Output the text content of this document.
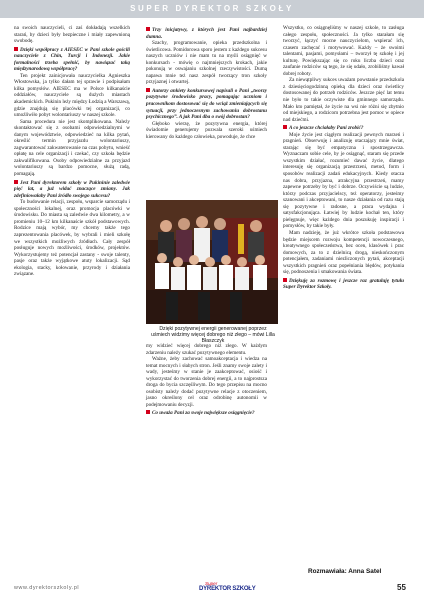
SUPER DYREKTOR SZKOŁY

na swoich nauczycieli, ci zaś dokładają wszelkich starań, by dzieci były bezpieczne i miały zapewnioną swobodę.

Dzięki współpracy z AIESEC w Pani szkole gościli nauczyciele z Chin, Turcji i Indonezji. Jakie formalności trzeba spełnić, by nawiązać taką międzynarodową współpracę?

Ten projekt zainicjowała nauczycielka Agnieszka Włostowska, ja tylko dałam tej sprawie i podpisałam kilka pomysłów. AIESEC ma w Polsce kilkanaście oddziałów, nauczyciele są dużych miastach akademickich. Pukinin leży między Łodzią a Warszawą, gdzie znajdują się placówki tej organizacji, co umożliwiło pobyt wolontariuszy w naszej szkole.

Sama procedura nie jest skomplikowana. Należy skontaktować się z osobami odpowiedzialnymi w danym województwie, odpowiedzieć na kilka pytań, określić termin przyjazdu wolontariuszy, zagwarantować zakwaterowanie na czas pobytu, wnieść opłatę na cele organizacji i czekać, czy szkoła będzie zakwalifikowana. Osoby odpowiedzialne za przyjazd wolontariuszy są bardzo pomocne, służą radą, pomagają.

Jest Pani dyrektorem szkoły w Pukininie zaledwie pięć lat, a już widać znaczące zmiany. Jak zdefiniowałaby Pani źródło swojego sukcesu?

To budowanie relacji, zespołu, wsparcie samorządu i społeczności lokalnej, oraz promocja placówki w środowisku. Do miasta są zaledwie dwa kilometry, a w promieniu 10–12 km kilkanaście szkół podstawowych. Rodzice mają wybór, my chcemy także tego zaprezentowania placówek, by wybrali i mieli szkołę we wszystkich możliwych źródłach. Cały zespół posługuje nowych możliwości, środków, projektów. Wykorzystujemy też potencjał zastany - swoje talenty, pasje oraz także wyjątkowe atuty lokalizacji. Sąd ekologia, stacky, kołowanie, przyrody i działania związane.

Trzy inicjatywy, z których jest Pani najbardziej dumna.

Szachy, programowanie, opieka przedszkolna i świetlicowa. Pomidorowa sporo jestem z każdego sukcesu naszych uczniów i nie mam tu na myśli osiągnięć w konkursach - mówię o najmniejszych krokach, jakie pokonują w oswajaniu szkolnej rzeczywistości. Dumą napawa mnie też nasz zespół tworzący tron szkoły przyjaznej i otwartej.

Autorzy ankiety konkursowej napisali o Pani „tworzy pozytywne środowisko pracy, pomagając uczniom i pracownikom dostosować się do wciąż zmieniających się sytuacji, przy jednoczesnym zachowaniu dobrostanu psychicznego”. A jak Pani dba o swój dobrostan?

Głęboko wierzę, że pozytywna energia, której świadomie generujemy pozwala szeroki uśmiech kierowany do każdego człowieka, powoduje, że chce

Dzięki pozytywnej energii generowanej poprzez uśmiech widzimy więcej dobrego niż złego – mówi Lilla Błaszczyk

my widzieć więcej dobrego niż złego. W każdym zdarzeniu należy szukać pozytywnego elementu.

Ważne, żeby zachować samoakceptacja i wiedza na temat mocnych i słabych stron. Jeśli znamy swoje zalety i wady, jesteśmy w stanie je zaakceptować, osiość i wykorzystać do tworzenia dobrej energii, a to najprostsza droga do bycia szczęśliwym. Do tego przepisu na mocno osobisty należy dodać pozytywne relacje z otoczeniem, jasno określony cel oraz odrobinę autonomii w podejmowaniu decyzji.

Co uważa Pani za swoje największe osiągnięcie?

Wszystko, co osiągnęliśmy w naszej szkole, to zasługa całego zespołu, społeczności. Ja tylko starałam się tworzyć, łączyć mocne nauczycielom, wspierać ich, czasem zachęcać i motywować. Każdy – że swoimi talentami, pasjami, pomysłami – tworzył tę szkołę i jej kulturę. Powiększając się co roku liczba dzieci oraz zaufanie rodziców są tego, że się udało, zrobiliśmy kawał dobrej roboty.

Za niewątpliwy sukces uważam powstanie przedszkola z dziesięciogodzinną opieką dla dzieci oraz świetlicy dostosowanej do potrzeb rodziców. Jeszcze pięć lat temu nie było to takie oczywiste dla gminnego samorządu. Mało kto pamiętał, że życie na wsi nie różni się zbytnio od miejskiego, a rodzicom potrzebna jest pomoc w opiece nad dziećmi.

A co jeszcze chciałaby Pani zrobić?

Moje życie jest ciągłym realizacji pewnych marzeń i pragnień. Obserwuję i analizuję otaczający mnie świat, starając się być empatyczna i spostrzegawcza. Wyznaczam sobie cele, by je osiągnąć, staram się przede wszystkim działać, rozumieć dawać życie, dlatego interesuję się organizacją przestrzeni, metod, form i sposobów realizacji zadań edukacyjnych. Kiedy otacza nas dobra, przyjazna, atrakcyjna przestrzeń, mamy zapewne potrzeby by być i dobrze. Oczywiście są ludzie, którzy podczas przyjacielscy, też operatorzy, jesteśmy szanowani i akceptowani, to nasze działania od razu stają się pozytywne i radosne, a praca wydajna i satysfakcjonująca. Łatwiej by ludzie kochał ten, który pielęgnuje, więc każdego dnia poszukuję inspiracji i pomysłów, by takie były.

Mam nadzieję, że już wkrótce szkoła podstawowa będzie miejscem rozwoju kompetencji nowoczesnego, kreatywnego społeczeństwa, bez ocen, klasówek i prac domowych, za to z dzielnicą drogą, nieskończonym potencjałem, zadaniami niezliczonych pytań, akceptacji wszystkich pragnień oraz popełniania błędów, potykania się, podnoszenia i smakowania świata.

Dziękuję za rozmowę i jeszcze raz gratuluję tytułu Super Dyrektor Szkoły.

Rozmawiała: Anna Satel
www.dyrektorszkoly.pl
Super
DYREKTOR SZKOŁY	55
